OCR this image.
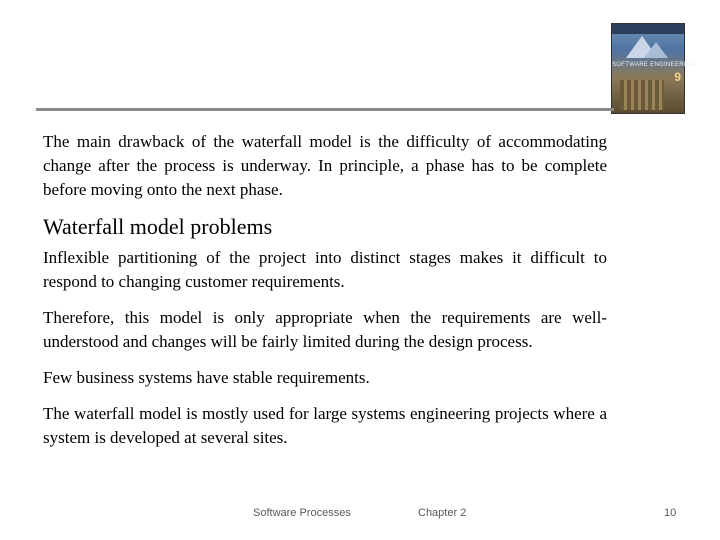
SOFTWARE ENGINEERING
9

The main drawback of the waterfall model is the difficulty of accommodating change after the process is underway. In principle, a phase has to be complete before moving onto the next phase.

Waterfall model problems

Inflexible partitioning of the project into distinct stages makes it difficult to respond to changing customer requirements.

Therefore, this model is only appropriate when the requirements are well-understood and changes will be fairly limited during the design process.

Few business systems have stable requirements.

The waterfall model is mostly used for large systems engineering projects where a system is developed at several sites.

Software Processes	Chapter 2	10
